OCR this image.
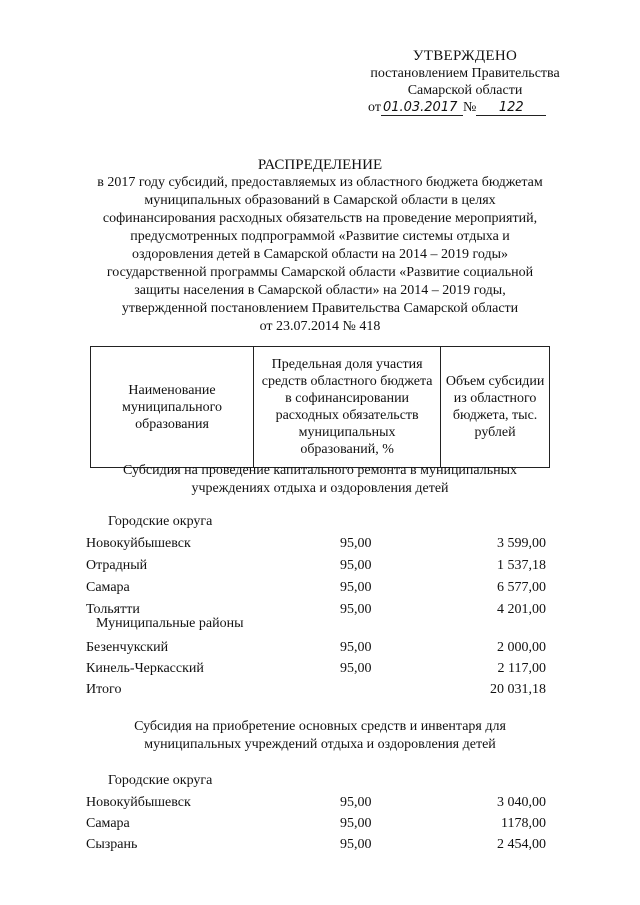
УТВЕРЖДЕНО
постановлением Правительства
Самарской области
от 01.03.2017 № 122
РАСПРЕДЕЛЕНИЕ
в 2017 году субсидий, предоставляемых из областного бюджета бюджетам
муниципальных образований в Самарской области в целях
софинансирования расходных обязательств на проведение мероприятий,
предусмотренных подпрограммой «Развитие системы отдыха и
оздоровления детей в Самарской области на 2014 – 2019 годы»
государственной программы Самарской области «Развитие социальной
защиты населения в Самарской области» на 2014 – 2019 годы,
утвержденной постановлением Правительства Самарской области
от 23.07.2014 № 418
Наименование муниципального образования	Предельная доля участия средств областного бюджета в софинансировании расходных обязательств муниципальных образований, %	Объем субсидии из областного бюджета, тыс. рублей
Субсидия на проведение капитального ремонта в муниципальных
учреждениях отдыха и оздоровления детей
Городские округа
Новокуйбышевск	95,00	3 599,00
Отрадный	95,00	1 537,18
Самара	95,00	6 577,00
Тольятти	95,00	4 201,00
Муниципальные районы
Безенчукский	95,00	2 000,00
Кинель-Черкасский	95,00	2 117,00
Итого	20 031,18
Субсидия на приобретение основных средств и инвентаря для
муниципальных учреждений отдыха и оздоровления детей
Городские округа
Новокуйбышевск	95,00	3 040,00
Самара	95,00	1178,00
Сызрань	95,00	2 454,00
